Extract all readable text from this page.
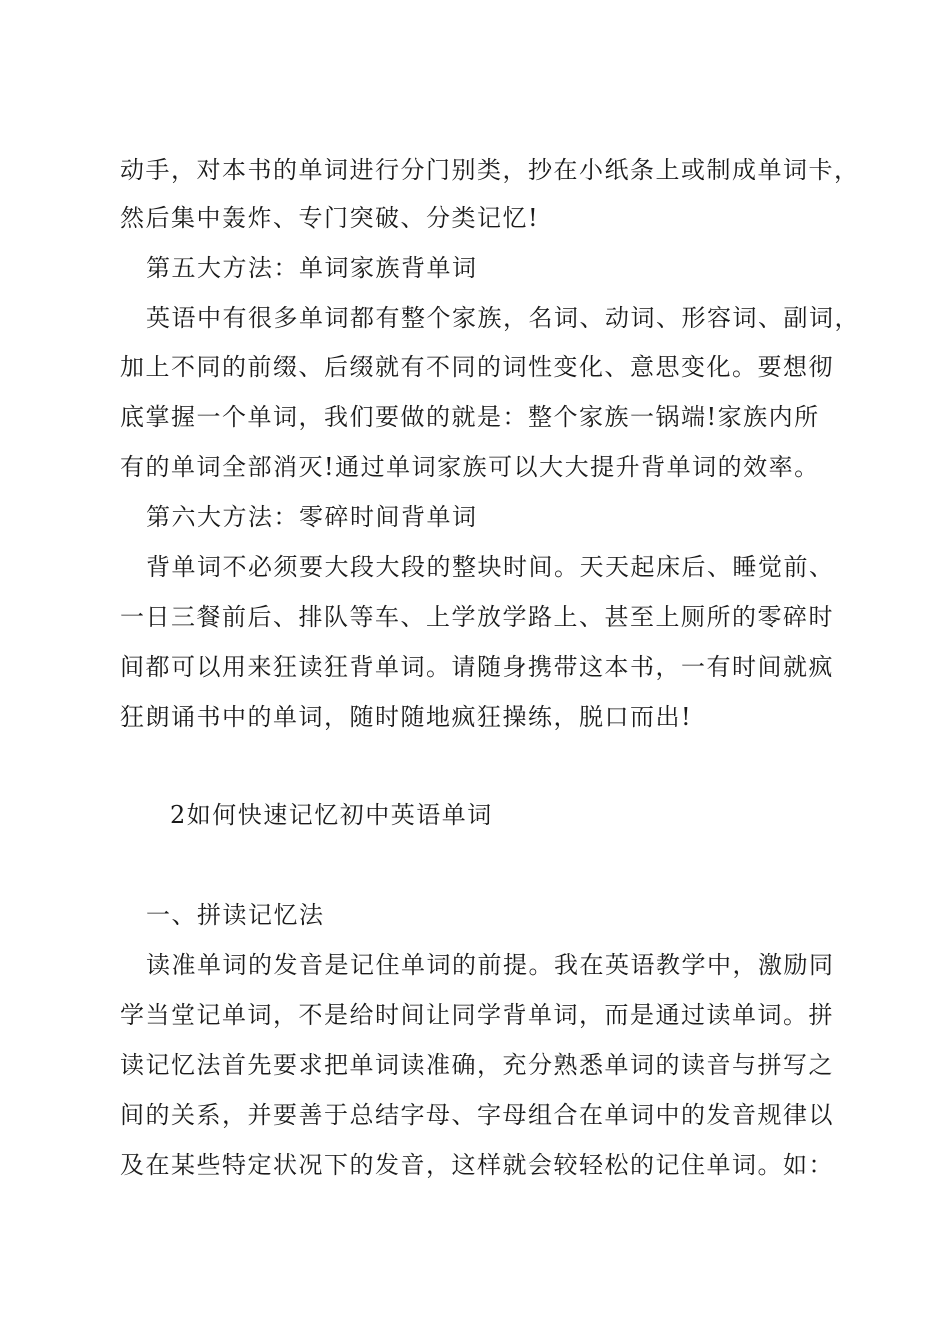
动手，对本书的单词进行分门别类，抄在小纸条上或制成单词卡，
然后集中轰炸、专门突破、分类记忆!
第五大方法：单词家族背单词
英语中有很多单词都有整个家族，名词、动词、形容词、副词，
加上不同的前缀、后缀就有不同的词性变化、意思变化。要想彻
底掌握一个单词，我们要做的就是：整个家族一锅端!家族内所
有的单词全部消灭!通过单词家族可以大大提升背单词的效率。
第六大方法：零碎时间背单词
背单词不必须要大段大段的整块时间。天天起床后、睡觉前、
一日三餐前后、排队等车、上学放学路上、甚至上厕所的零碎时
间都可以用来狂读狂背单词。请随身携带这本书，一有时间就疯
狂朗诵书中的单词，随时随地疯狂操练，脱口而出!
2如何快速记忆初中英语单词
一、拼读记忆法
读准单词的发音是记住单词的前提。我在英语教学中，激励同
学当堂记单词，不是给时间让同学背单词，而是通过读单词。拼
读记忆法首先要求把单词读准确，充分熟悉单词的读音与拼写之
间的关系，并要善于总结字母、字母组合在单词中的发音规律以
及在某些特定状况下的发音，这样就会较轻松的记住单词。如：
